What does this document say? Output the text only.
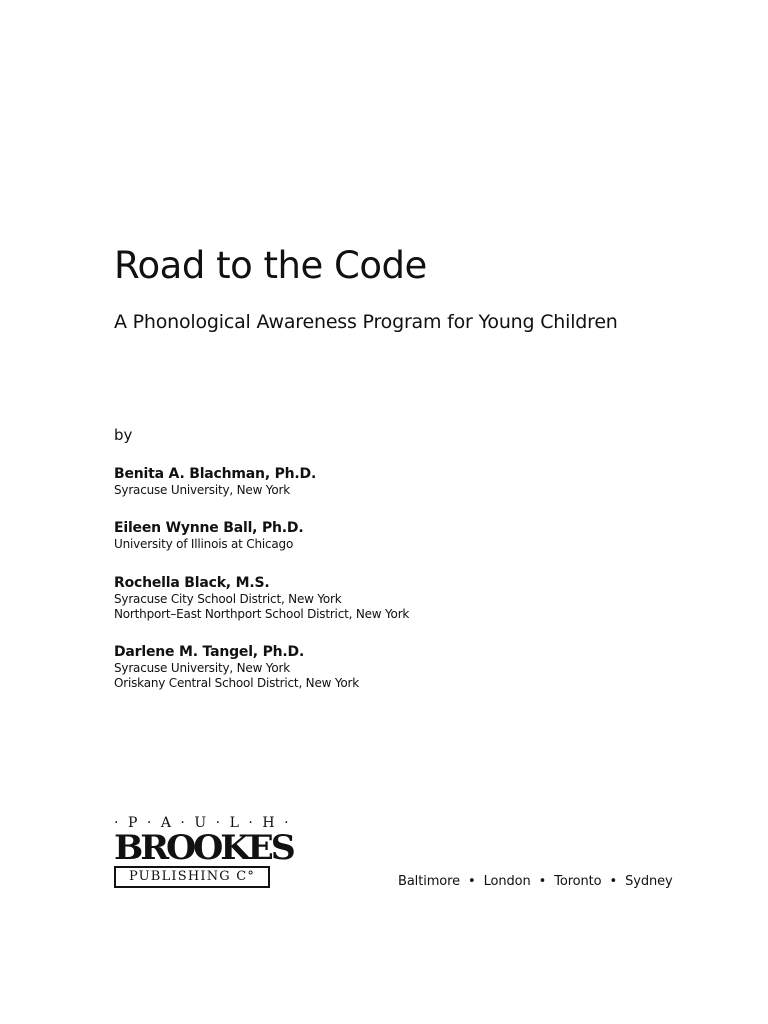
Road to the Code
A Phonological Awareness Program for Young Children
by
Benita A. Blachman, Ph.D.
Syracuse University, New York
Eileen Wynne Ball, Ph.D.
University of Illinois at Chicago
Rochella Black, M.S.
Syracuse City School District, New York
Northport–East Northport School District, New York
Darlene M. Tangel, Ph.D.
Syracuse University, New York
Oriskany Central School District, New York
·P·A·U·L·H·
BROOKES
PUBLISHING C°	Baltimore • London • Toronto • Sydney
